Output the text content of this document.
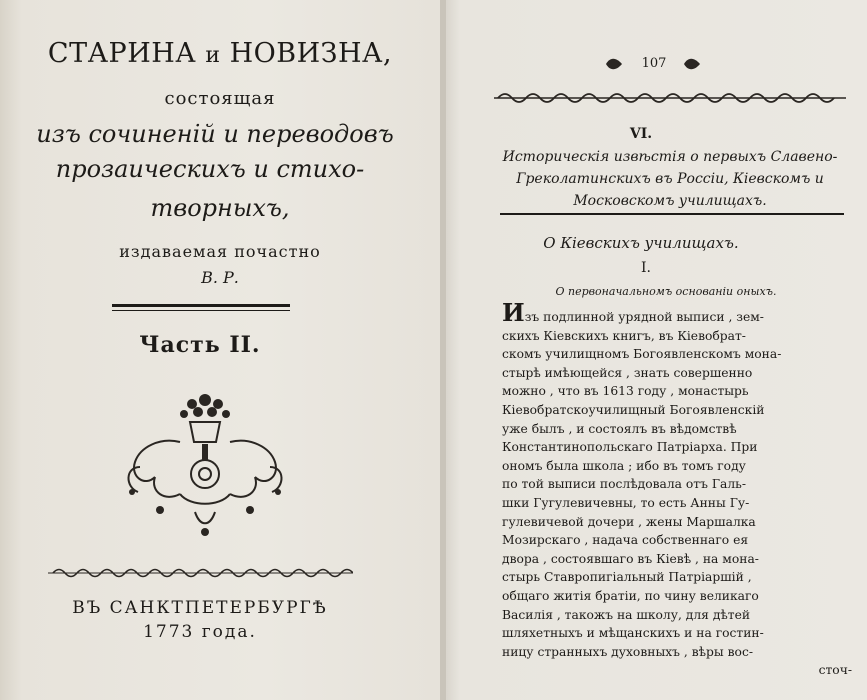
СТАРИНА и НОВИЗНА,
состоящая
изъ сочиненій и переводовъ
прозаическихъ и стихо-
творныхъ,
издаваемая почастно
В. Р.
Часть II.
ВЪ САНКТПЕТЕРБУРГѢ
1773 года.
107
VI.
Историческія извѣстія о первыхъ Славено-Греколатинскихъ въ Россіи, Кіевскомъ и Московскомъ училищахъ.
О Кіевскихъ училищахъ.
I.
О первоначальномъ основаніи оныхъ.
Изъ подлинной урядной выписи , зем-
скихъ Кіевскихъ книгъ, въ Кіевобрат-
скомъ училищномъ Богоявленскомъ мона-
стырѣ имѣющейся , знать совершенно
можно , что въ 1613 году , монастырь
Кіевобратскоучилищный Богоявленскій
уже былъ , и состоялъ въ вѣдомствѣ
Константинопольскаго Патріарха. При
ономъ была школа ; ибо въ томъ году
по той выписи послѣдовала отъ Галь-
шки Гугулевичевны, то есть Анны Гу-
гулевичевой дочери , жены Маршалка
Мозирскаго , надача собственнаго ея
двора , состоявшаго въ Кіевѣ , на мона-
стырь Ставропигіальный Патріаршій ,
общаго житія братіи, по чину великаго
Василія , такожъ на школу, для дѣтей
шляхетныхъ и мѣщанскихъ и на гостин-
ницу странныхъ духовныхъ , вѣры вос-
сточ-
